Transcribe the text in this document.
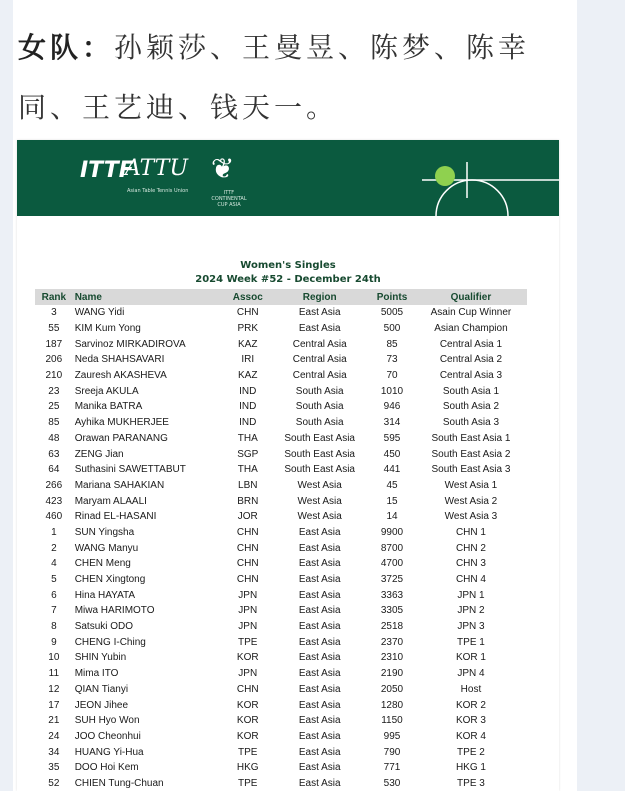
女队：孙颖莎、王曼昱、陈梦、陈幸
同、王艺迪、钱天一。
ITTF
ATTU
Asian Table Tennis Union
❦
ITTF CONTINENTAL CUP ASIA
Women's Singles
2024 Week #52 - December 24th
Rank	Name	Assoc	Region	Points	Qualifier
3	WANG Yidi	CHN	East Asia	5005	Asain Cup Winner
55	KIM Kum Yong	PRK	East Asia	500	Asian Champion
187	Sarvinoz MIRKADIROVA	KAZ	Central Asia	85	Central Asia 1
206	Neda SHAHSAVARI	IRI	Central Asia	73	Central Asia 2
210	Zauresh AKASHEVA	KAZ	Central Asia	70	Central Asia 3
23	Sreeja AKULA	IND	South Asia	1010	South Asia 1
25	Manika BATRA	IND	South Asia	946	South Asia 2
85	Ayhika MUKHERJEE	IND	South Asia	314	South Asia 3
48	Orawan PARANANG	THA	South East Asia	595	South East Asia 1
63	ZENG Jian	SGP	South East Asia	450	South East Asia 2
64	Suthasini SAWETTABUT	THA	South East Asia	441	South East Asia 3
266	Mariana SAHAKIAN	LBN	West Asia	45	West Asia 1
423	Maryam ALAALI	BRN	West Asia	15	West Asia 2
460	Rinad EL-HASANI	JOR	West Asia	14	West Asia 3
1	SUN Yingsha	CHN	East Asia	9900	CHN 1
2	WANG Manyu	CHN	East Asia	8700	CHN 2
4	CHEN Meng	CHN	East Asia	4700	CHN 3
5	CHEN Xingtong	CHN	East Asia	3725	CHN 4
6	Hina HAYATA	JPN	East Asia	3363	JPN 1
7	Miwa HARIMOTO	JPN	East Asia	3305	JPN 2
8	Satsuki ODO	JPN	East Asia	2518	JPN 3
9	CHENG I-Ching	TPE	East Asia	2370	TPE 1
10	SHIN Yubin	KOR	East Asia	2310	KOR 1
11	Mima ITO	JPN	East Asia	2190	JPN 4
12	QIAN Tianyi	CHN	East Asia	2050	Host
17	JEON Jihee	KOR	East Asia	1280	KOR 2
21	SUH Hyo Won	KOR	East Asia	1150	KOR 3
24	JOO Cheonhui	KOR	East Asia	995	KOR 4
34	HUANG Yi-Hua	TPE	East Asia	790	TPE 2
35	DOO Hoi Kem	HKG	East Asia	771	HKG 1
52	CHIEN Tung-Chuan	TPE	East Asia	530	TPE 3
